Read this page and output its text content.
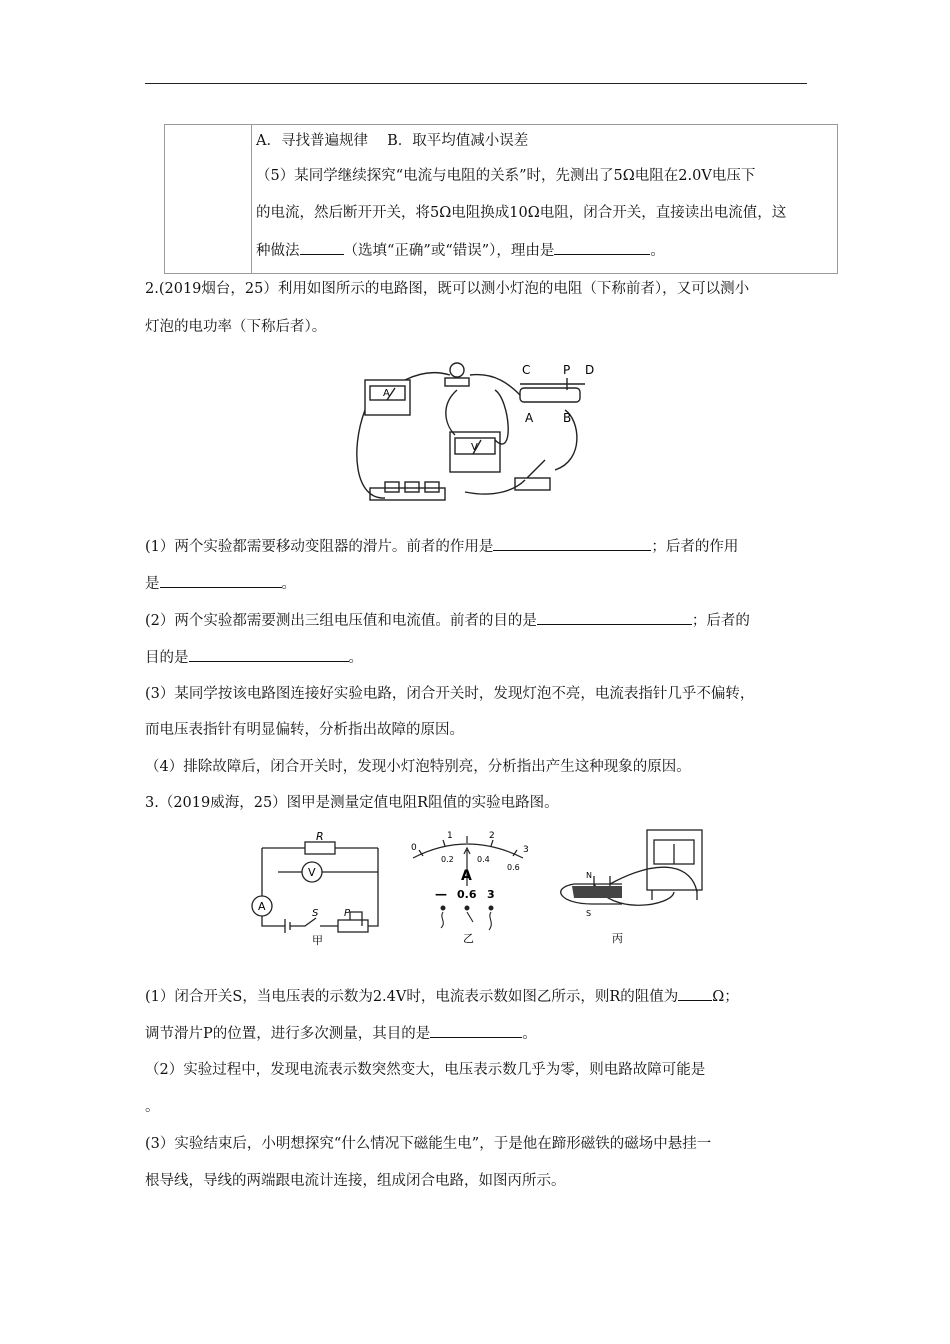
A．寻找普遍规律　 B．取平均值减小误差
（5）某同学继续探究“电流与电阻的关系”时，先测出了5Ω电阻在2.0V电压下
的电流，然后断开开关，将5Ω电阻换成10Ω电阻，闭合开关，直接读出电流值，这
种做法	（选填“正确”或“错误”），理由是	。
2.(2019烟台，25）利用如图所示的电路图，既可以测小灯泡的电阻（下称前者），又可以测小
灯泡的电功率（下称后者）。
C	P D
A B
A
V
(1）两个实验都需要移动变阻器的滑片。前者的作用是	；后者的作用
是	。
(2）两个实验都需要测出三组电压值和电流值。前者的目的是	；后者的
目的是	。
(3）某同学按该电路图连接好实验电路，闭合开关时，发现灯泡不亮，电流表指针几乎不偏转，
而电压表指针有明显偏转，分析指出故障的原因。
（4）排除故障后，闭合开关时，发现小灯泡特别亮，分析指出产生这种现象的原因。
3.（2019威海，25）图甲是测量定值电阻R阻值的实验电路图。
R
V
A
S	P
甲
0
1	2
3
0.2	0.4
0.6
A
— 0.6 3
乙
N
S
丙
(1）闭合开关S，当电压表的示数为2.4V时，电流表示数如图乙所示，则R的阻值为 Ω；
调节滑片P的位置，进行多次测量，其目的是	。
（2）实验过程中，发现电流表示数突然变大，电压表示数几乎为零，则电路故障可能是
。
(3）实验结束后，小明想探究“什么情况下磁能生电”，于是他在蹄形磁铁的磁场中悬挂一
根导线，导线的两端跟电流计连接，组成闭合电路，如图丙所示。
